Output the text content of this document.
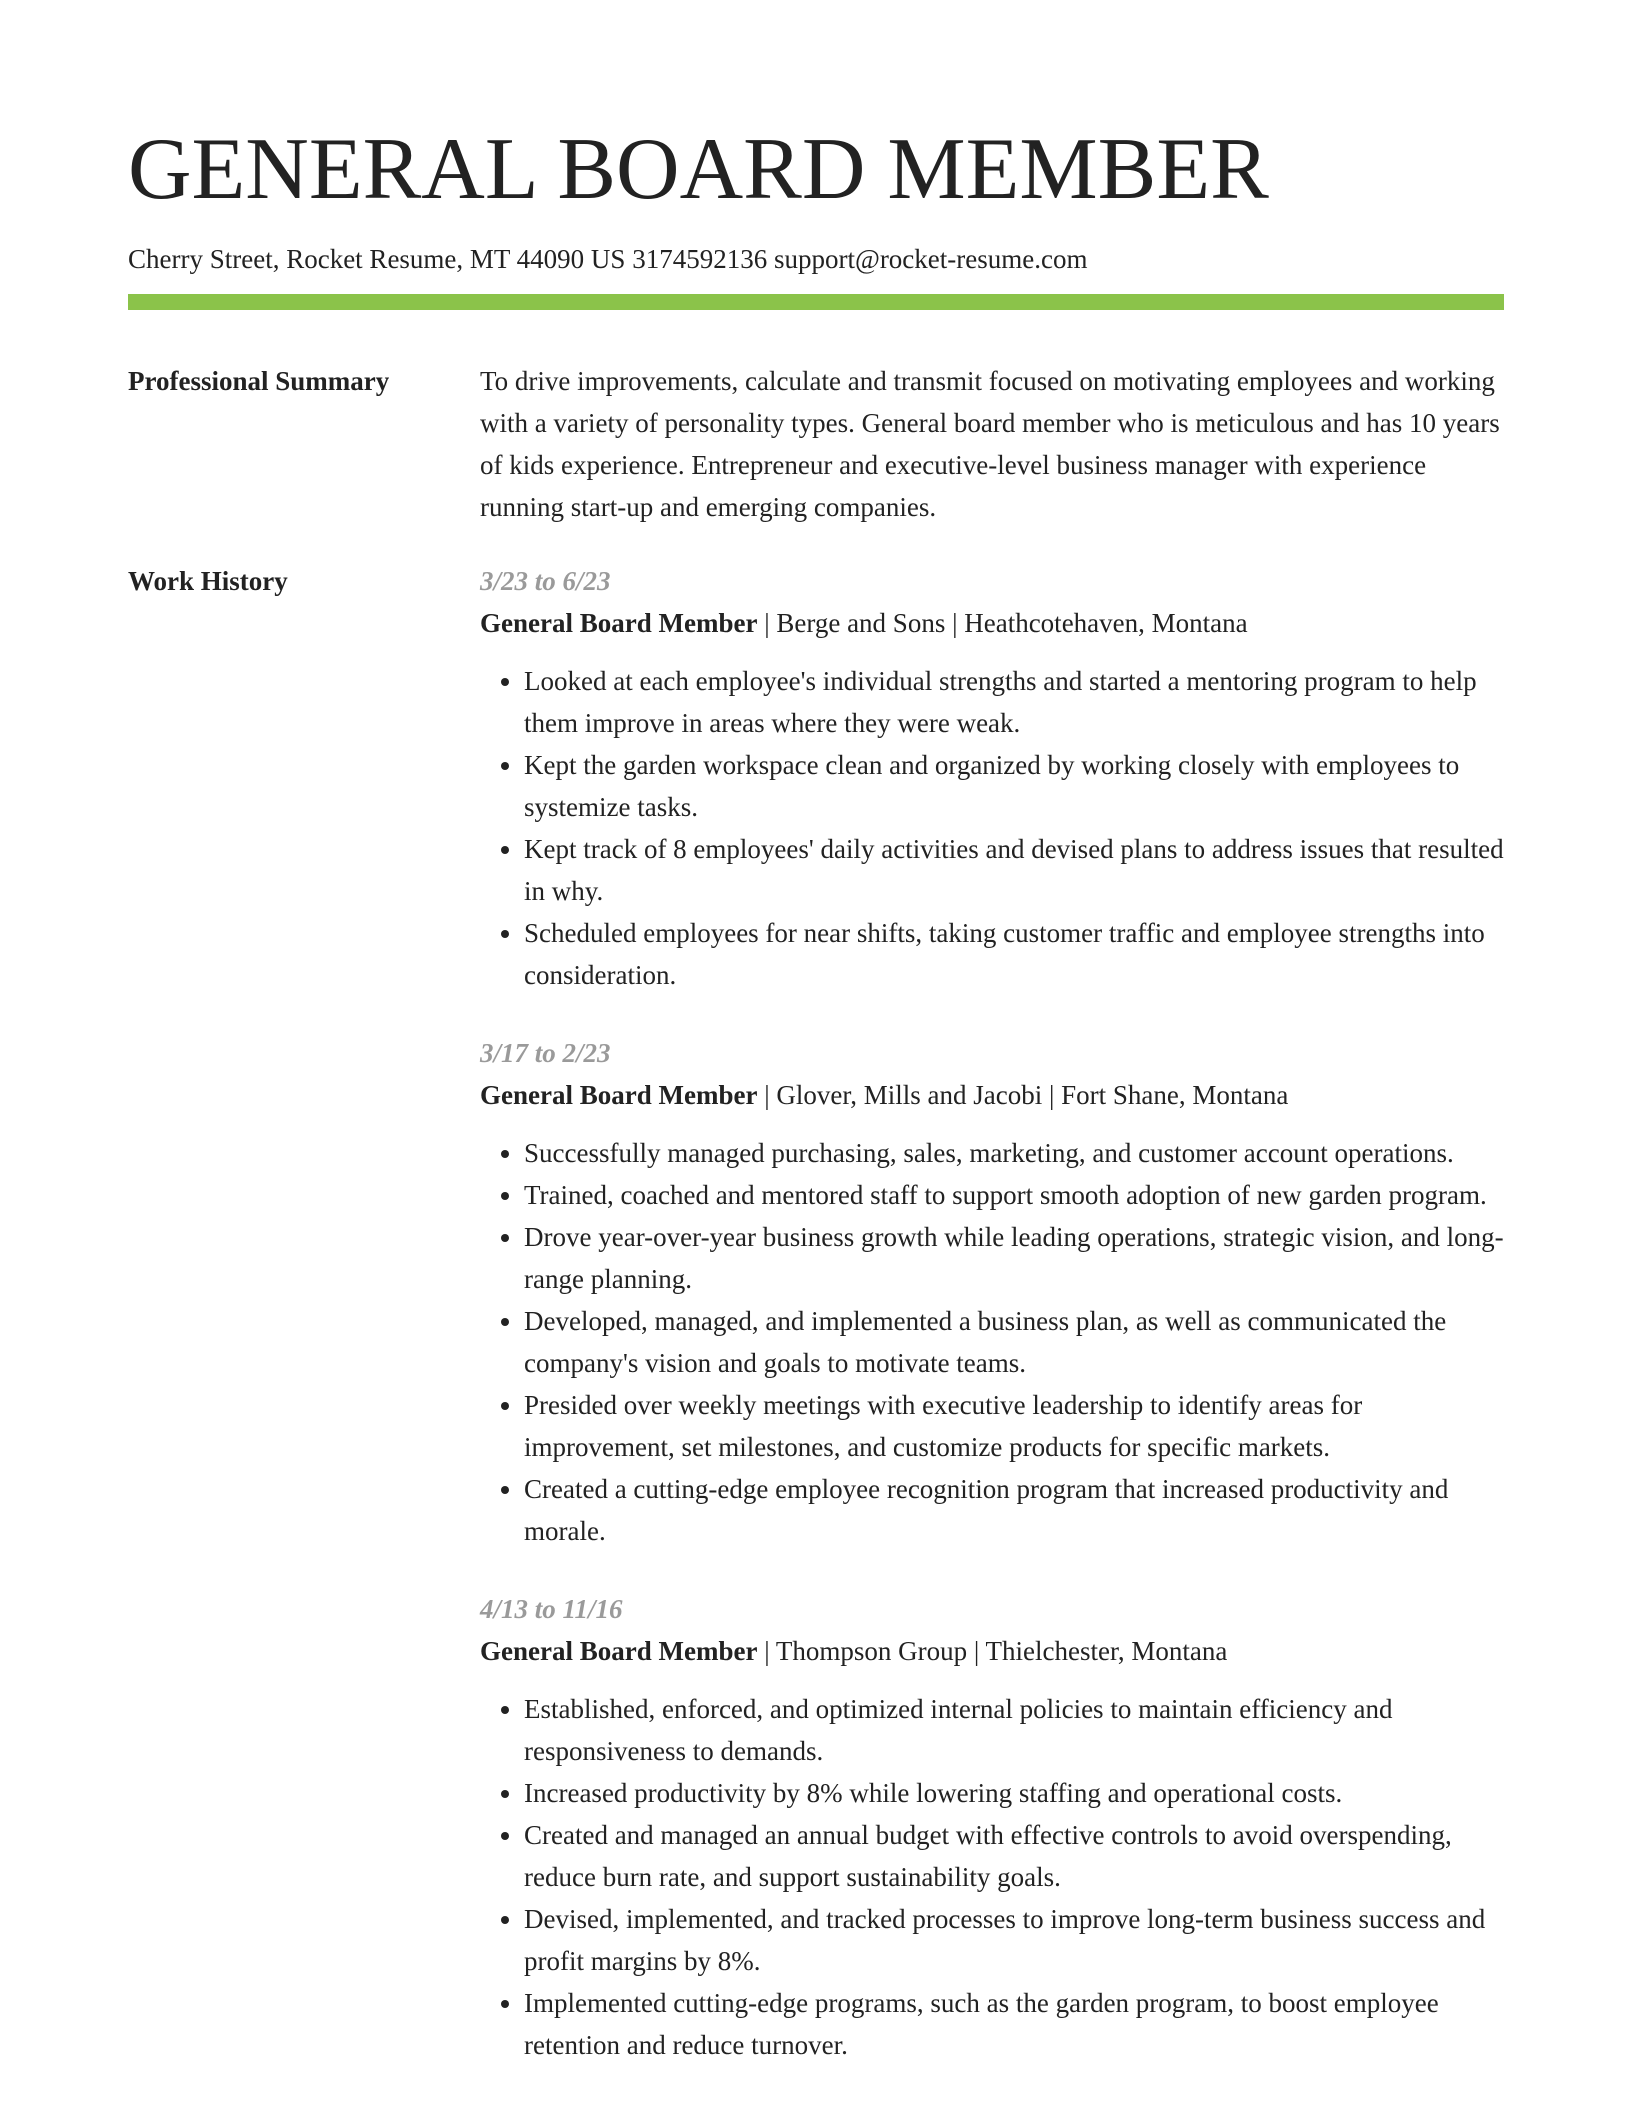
GENERAL BOARD MEMBER
Cherry Street, Rocket Resume, MT 44090 US 3174592136 support@rocket-resume.com
Professional Summary	To drive improvements, calculate and transmit focused on motivating employees and working with a variety of personality types. General board member who is meticulous and has 10 years of kids experience. Entrepreneur and executive-level business manager with experience running start-up and emerging companies.
Work History	3/23 to 6/23
General Board Member | Berge and Sons | Heathcotehaven, Montana
• Looked at each employee's individual strengths and started a mentoring program to help them improve in areas where they were weak.
• Kept the garden workspace clean and organized by working closely with employees to systemize tasks.
• Kept track of 8 employees' daily activities and devised plans to address issues that resulted in why.
• Scheduled employees for near shifts, taking customer traffic and employee strengths into consideration.
3/17 to 2/23
General Board Member | Glover, Mills and Jacobi | Fort Shane, Montana
• Successfully managed purchasing, sales, marketing, and customer account operations.
• Trained, coached and mentored staff to support smooth adoption of new garden program.
• Drove year-over-year business growth while leading operations, strategic vision, and long-range planning.
• Developed, managed, and implemented a business plan, as well as communicated the company's vision and goals to motivate teams.
• Presided over weekly meetings with executive leadership to identify areas for improvement, set milestones, and customize products for specific markets.
• Created a cutting-edge employee recognition program that increased productivity and morale.
4/13 to 11/16
General Board Member | Thompson Group | Thielchester, Montana
• Established, enforced, and optimized internal policies to maintain efficiency and responsiveness to demands.
• Increased productivity by 8% while lowering staffing and operational costs.
• Created and managed an annual budget with effective controls to avoid overspending, reduce burn rate, and support sustainability goals.
• Devised, implemented, and tracked processes to improve long-term business success and profit margins by 8%.
• Implemented cutting-edge programs, such as the garden program, to boost employee retention and reduce turnover.
